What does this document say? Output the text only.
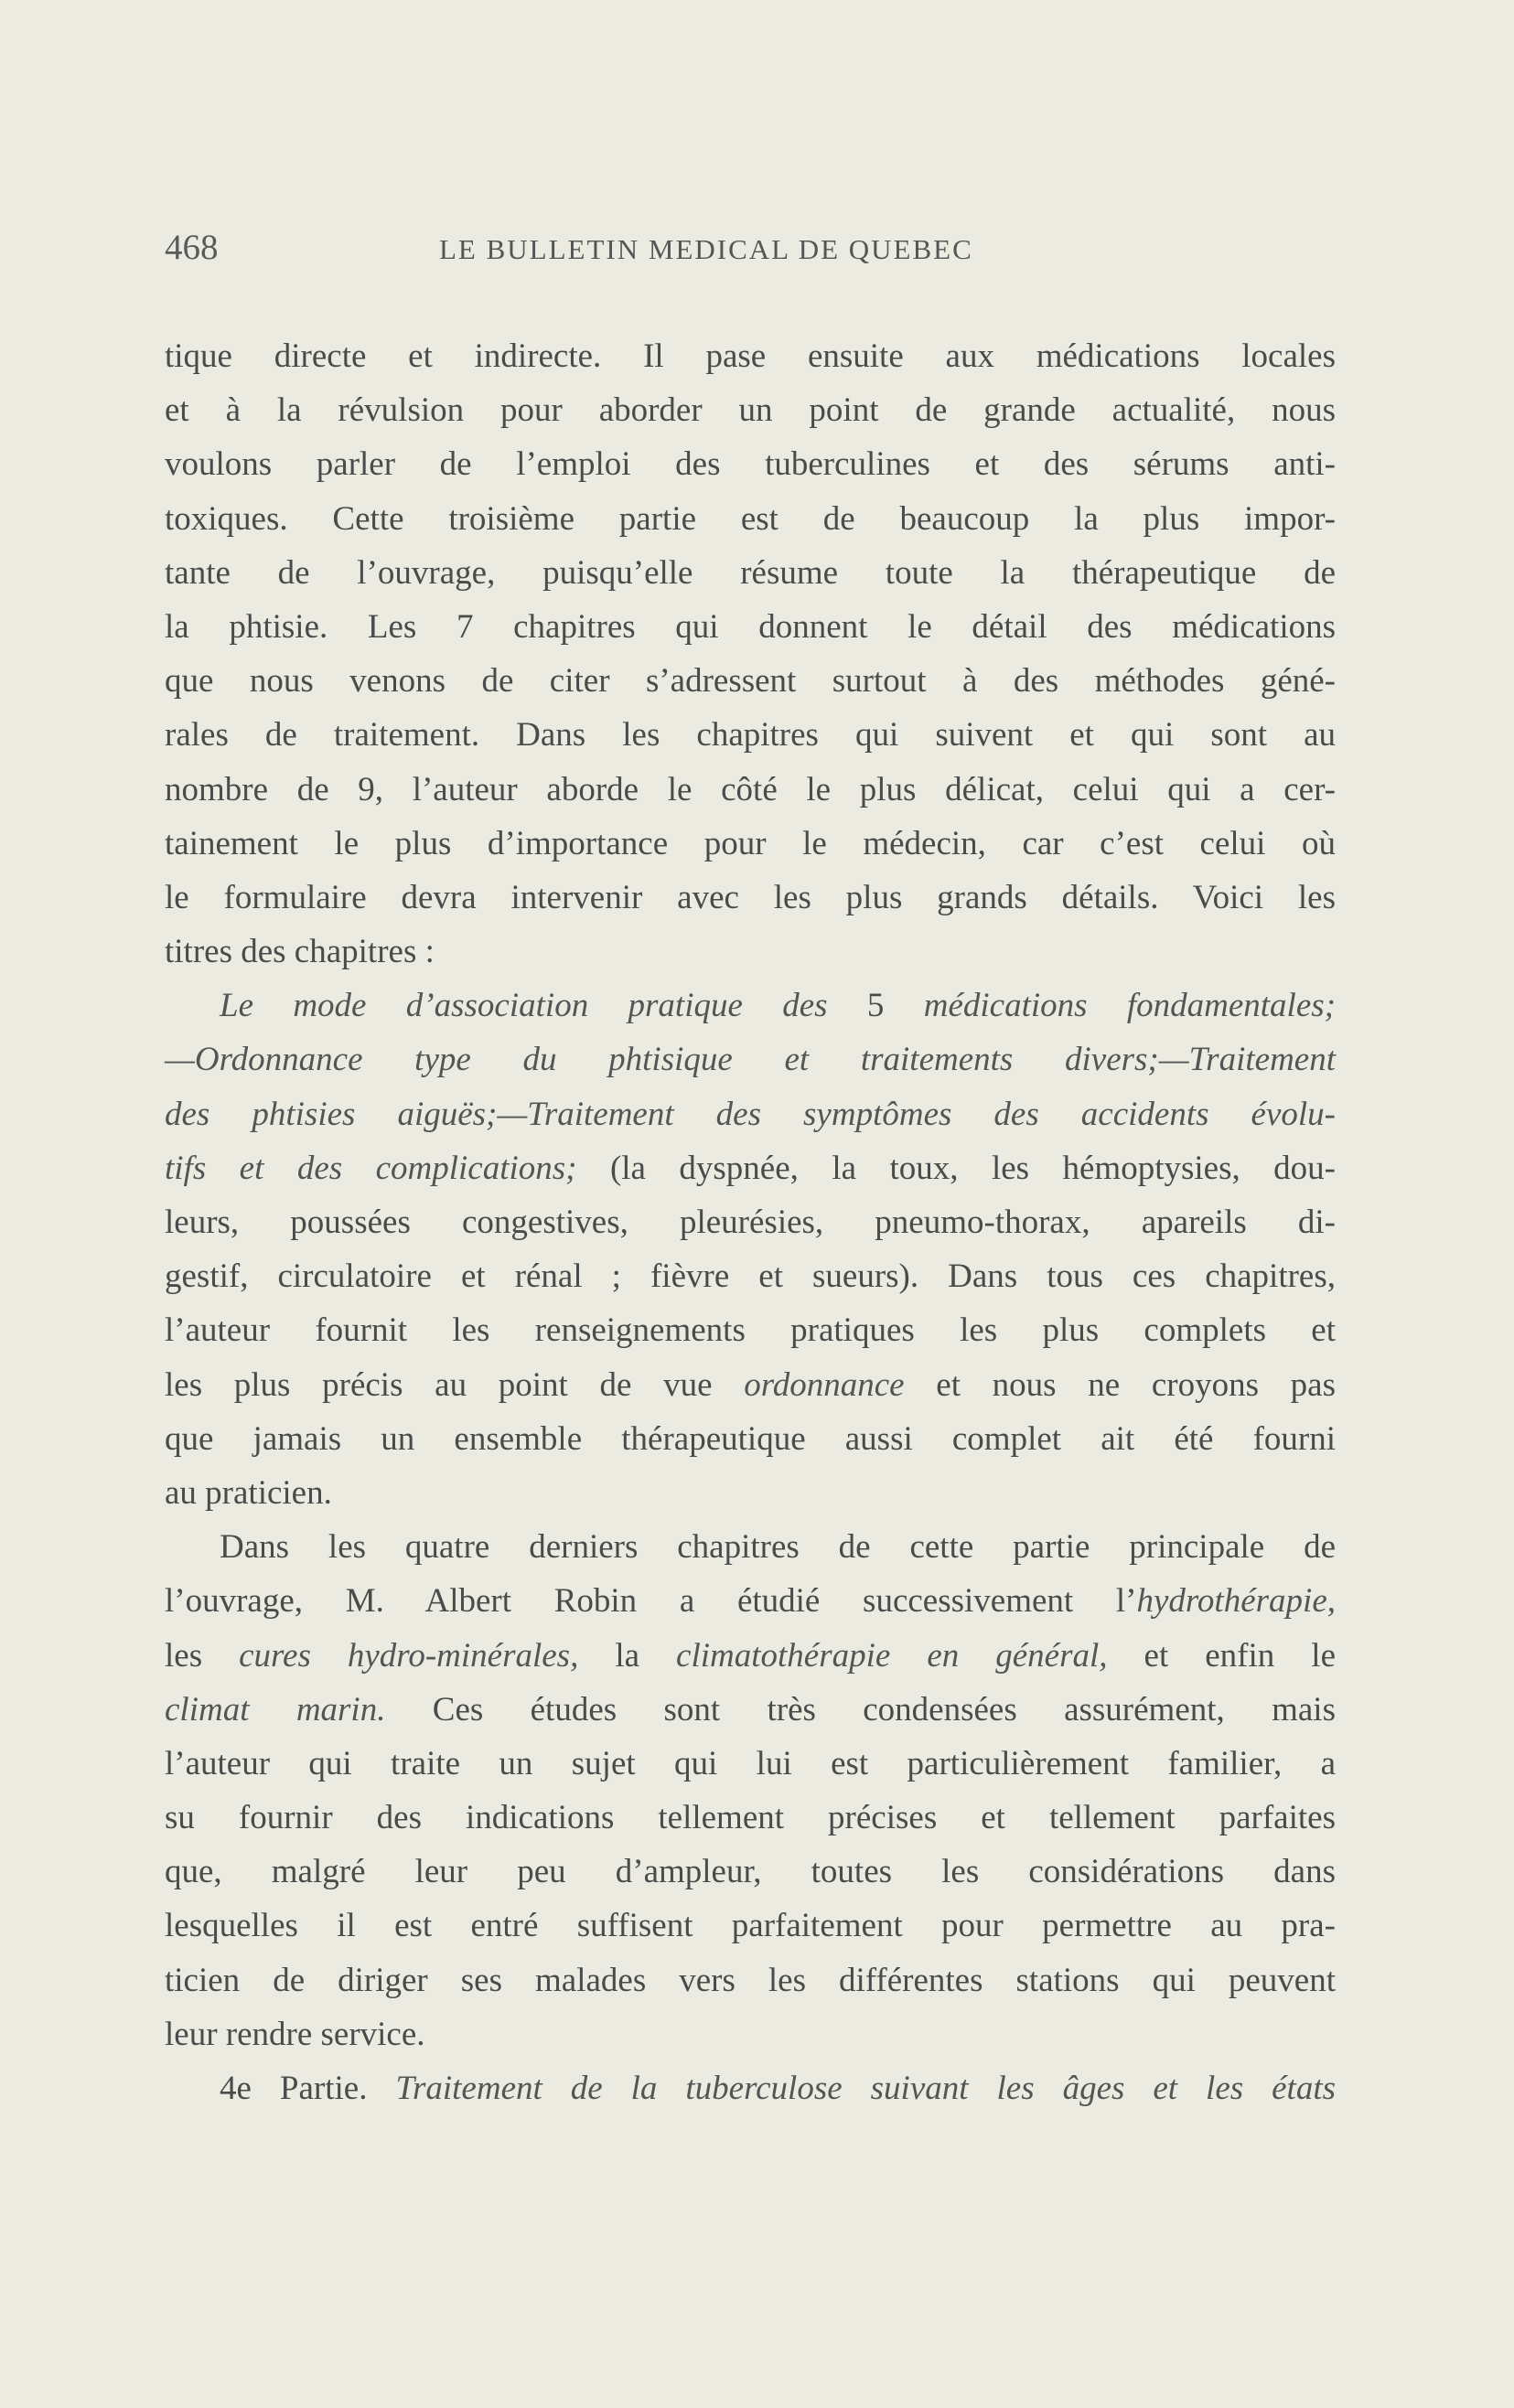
468	LE BULLETIN MEDICAL DE QUEBEC
tique directe et indirecte. Il pase ensuite aux médications locales
et à la révulsion pour aborder un point de grande actualité, nous
voulons parler de l’emploi des tuberculines et des sérums anti-
toxiques. Cette troisième partie est de beaucoup la plus impor-
tante de l’ouvrage, puisqu’elle résume toute la thérapeutique de
la phtisie. Les 7 chapitres qui donnent le détail des médications
que nous venons de citer s’adressent surtout à des méthodes géné-
rales de traitement. Dans les chapitres qui suivent et qui sont au
nombre de 9, l’auteur aborde le côté le plus délicat, celui qui a cer-
tainement le plus d’importance pour le médecin, car c’est celui où
le formulaire devra intervenir avec les plus grands détails. Voici les
titres des chapitres :
Le mode d’association pratique des 5 médications fondamentales;
—Ordonnance type du phtisique et traitements divers;—Traitement
des phtisies aiguës;—Traitement des symptômes des accidents évolu-
tifs et des complications; (la dyspnée, la toux, les hémoptysies, dou-
leurs, poussées congestives, pleurésies, pneumo-thorax, apareils di-
gestif, circulatoire et rénal ; fièvre et sueurs). Dans tous ces chapitres,
l’auteur fournit les renseignements pratiques les plus complets et
les plus précis au point de vue ordonnance et nous ne croyons pas
que jamais un ensemble thérapeutique aussi complet ait été fourni
au praticien.
Dans les quatre derniers chapitres de cette partie principale de
l’ouvrage, M. Albert Robin a étudié successivement l’hydrothérapie,
les cures hydro-minérales, la climatothérapie en général, et enfin le
climat marin. Ces études sont très condensées assurément, mais
l’auteur qui traite un sujet qui lui est particulièrement familier, a
su fournir des indications tellement précises et tellement parfaites
que, malgré leur peu d’ampleur, toutes les considérations dans
lesquelles il est entré suffisent parfaitement pour permettre au pra-
ticien de diriger ses malades vers les différentes stations qui peuvent
leur rendre service.
4e Partie. Traitement de la tuberculose suivant les âges et les états
